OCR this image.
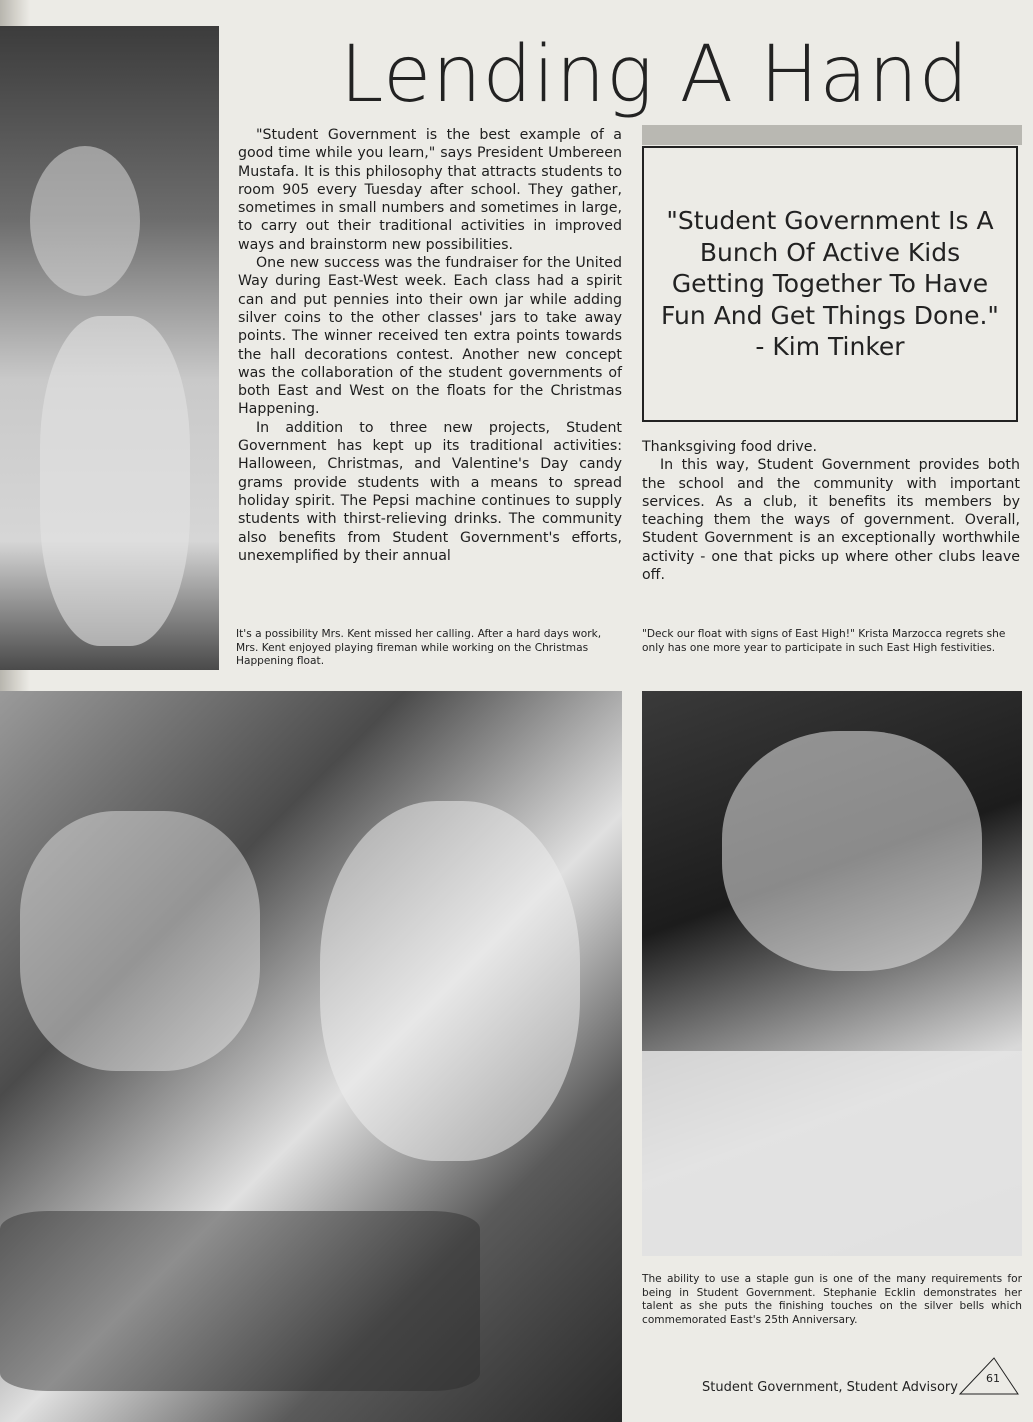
Lending A Hand

"Student Government Is A Bunch Of Active Kids Getting Together To Have Fun And Get Things Done." - Kim Tinker

"Student Government is the best example of a good time while you learn," says President Umbereen Mustafa. It is this philosophy that attracts students to room 905 every Tuesday after school. They gather, sometimes in small numbers and sometimes in large, to carry out their traditional activities in improved ways and brainstorm new possibilities.

One new success was the fundraiser for the United Way during East-West week. Each class had a spirit can and put pennies into their own jar while adding silver coins to the other classes' jars to take away points. The winner received ten extra points towards the hall decorations contest. Another new concept was the collaboration of the student governments of both East and West on the floats for the Christmas Happening.

In addition to three new projects, Student Government has kept up its traditional activities: Halloween, Christmas, and Valentine's Day candy grams provide students with a means to spread holiday spirit. The Pepsi machine continues to supply students with thirst-relieving drinks. The community also benefits from Student Government's efforts, unexemplified by their annual

Thanksgiving food drive.

In this way, Student Government provides both the school and the community with important services. As a club, it benefits its members by teaching them the ways of government. Overall, Student Government is an exceptionally worthwhile activity - one that picks up where other clubs leave off.

It's a possibility Mrs. Kent missed her calling. After a hard days work, Mrs. Kent enjoyed playing fireman while working on the Christmas Happening float.
"Deck our float with signs of East High!" Krista Marzocca regrets she only has one more year to participate in such East High festivities.
The ability to use a staple gun is one of the many requirements for being in Student Government. Stephanie Ecklin demonstrates her talent as she puts the finishing touches on the silver bells which commemorated East's 25th Anniversary.
Student Government, Student Advisory
61
